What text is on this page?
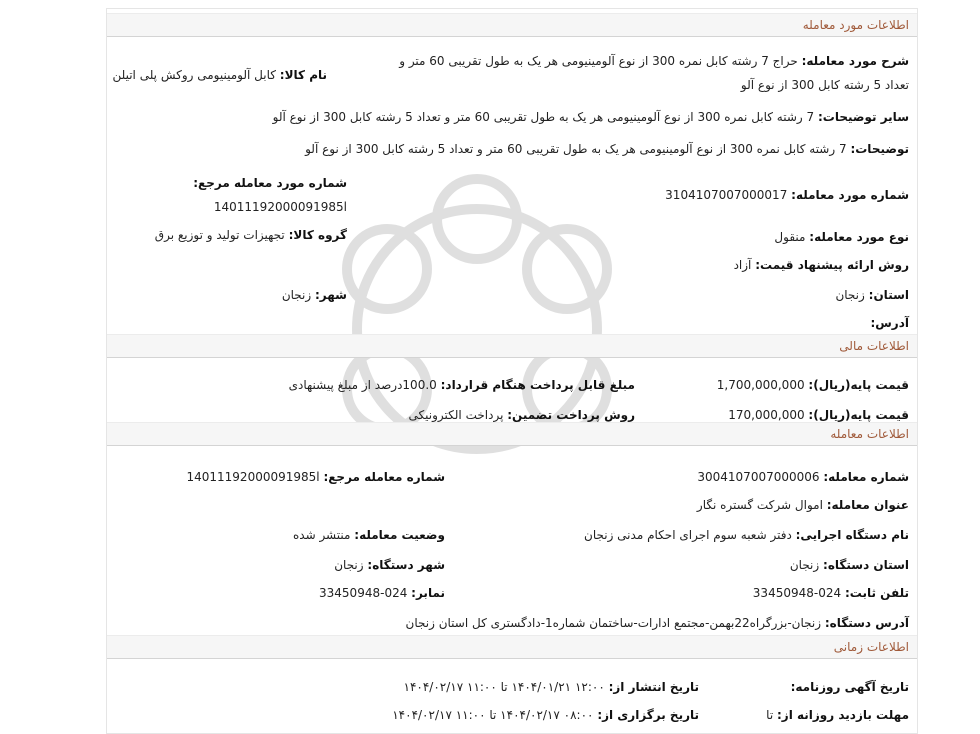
اطلاعات مورد معامله
شرح مورد معامله: حراج 7 رشته کابل نمره 300 از نوع آلومینیومی هر یک به طول تقریبی 60 متر و تعداد 5 رشته کابل 300 از نوع آلو
نام کالا: کابل آلومینیومی روکش پلی اتیلن
سایر توضیحات: 7 رشته کابل نمره 300 از نوع آلومینیومی هر یک به طول تقریبی 60 متر و تعداد 5 رشته کابل 300 از نوع آلو
توضیحات: 7 رشته کابل نمره 300 از نوع آلومینیومی هر یک به طول تقریبی 60 متر و تعداد 5 رشته کابل 300 از نوع آلو
شماره مورد معامله مرجع:
14011192000091985l
شماره مورد معامله: 3104107007000017
گروه کالا: تجهیزات تولید و توزیع برق	نوع مورد معامله: منقول
روش ارائه پیشنهاد قیمت: آزاد
شهر: زنجان	استان: زنجان
آدرس:
اطلاعات مالی
قیمت پایه(ریال): 1,700,000,000
مبلغ قابل پرداخت هنگام قرارداد: 100.0درصد از مبلغ پیشنهادی
قیمت پایه(ریال): 170,000,000
روش پرداخت تضمین: پرداخت الکترونیکی
اطلاعات معامله
شماره معامله: 3004107007000006
شماره معامله مرجع: 14011192000091985l
عنوان معامله: اموال شرکت گستره نگار
نام دستگاه اجرایی: دفتر شعبه سوم اجرای احکام مدنی زنجان
وضعیت معامله: منتشر شده
استان دستگاه: زنجان
شهر دستگاه: زنجان
تلفن ثابت: 024-33450948
نمابر: 024-33450948
آدرس دستگاه: زنجان-بزرگراه22بهمن-مجتمع ادارات-ساختمان شماره1-دادگستری کل استان زنجان
اطلاعات زمانی
تاریخ آگهی روزنامه:
تاریخ انتشار از: ۱۲:۰۰ ۱۴۰۴/۰۱/۲۱ تا ۱۱:۰۰ ۱۴۰۴/۰۲/۱۷
مهلت بازدید روزانه از: تا
تاریخ برگزاری از: ۰۸:۰۰ ۱۴۰۴/۰۲/۱۷ تا ۱۱:۰۰ ۱۴۰۴/۰۲/۱۷
